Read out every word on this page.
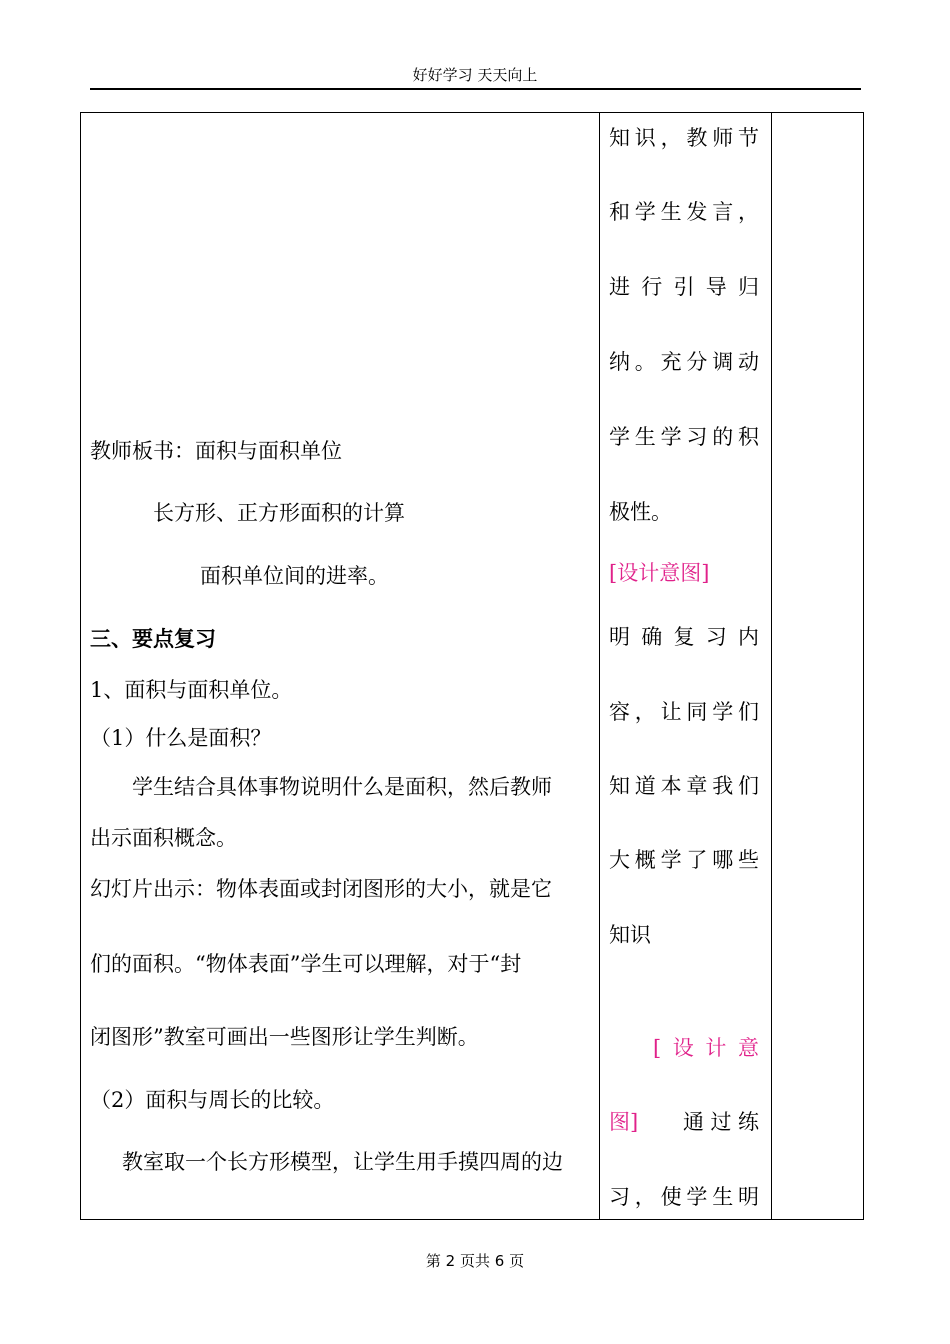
好好学习 天天向上
教师板书：面积与面积单位
长方形、正方形面积的计算
面积单位间的进率。
三、要点复习
1、面积与面积单位。
（1）什么是面积？
学生结合具体事物说明什么是面积，然后教师
出示面积概念。
幻灯片出示：物体表面或封闭图形的大小，就是它
们的面积。“物体表面”学生可以理解，对于“封
闭图形”教室可画出一些图形让学生判断。
（2）面积与周长的比较。
教室取一个长方形模型，让学生用手摸四周的边
知 识 ， 教 师 节
和 学 生 发 言 ，
进 行 引 导 归
纳 。 充 分 调 动
学 生 学 习 的 积
极性。
[设计意图]
明 确 复 习 内
容 ， 让 同 学 们
知 道 本 章 我 们
大 概 学 了 哪 些
知识
[ 设 计 意
图] 通 过 练
习 ， 使 学 生 明
第 2 页共 6 页
